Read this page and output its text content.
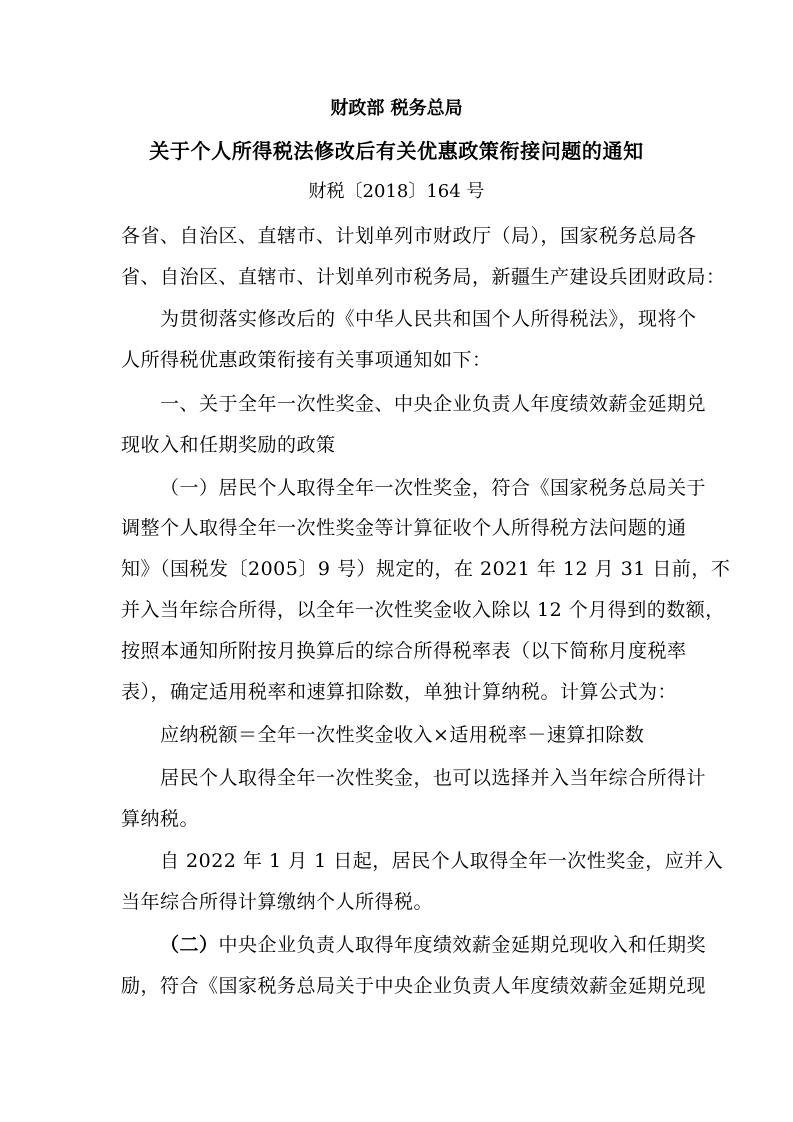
财政部 税务总局
关于个人所得税法修改后有关优惠政策衔接问题的通知
财税〔2018〕164 号
各省、自治区、直辖市、计划单列市财政厅（局），国家税务总局各
省、自治区、直辖市、计划单列市税务局，新疆生产建设兵团财政局：
为贯彻落实修改后的《中华人民共和国个人所得税法》，现将个
人所得税优惠政策衔接有关事项通知如下：
一、关于全年一次性奖金、中央企业负责人年度绩效薪金延期兑
现收入和任期奖励的政策
（一）居民个人取得全年一次性奖金，符合《国家税务总局关于
调整个人取得全年一次性奖金等计算征收个人所得税方法问题的通
知》（国税发〔2005〕9 号）规定的，在 2021 年 12 月 31 日前，不
并入当年综合所得，以全年一次性奖金收入除以 12 个月得到的数额，
按照本通知所附按月换算后的综合所得税率表（以下简称月度税率
表），确定适用税率和速算扣除数，单独计算纳税。计算公式为：
应纳税额＝全年一次性奖金收入×适用税率－速算扣除数
居民个人取得全年一次性奖金，也可以选择并入当年综合所得计
算纳税。
自 2022 年 1 月 1 日起，居民个人取得全年一次性奖金，应并入
当年综合所得计算缴纳个人所得税。
（二）中央企业负责人取得年度绩效薪金延期兑现收入和任期奖
励，符合《国家税务总局关于中央企业负责人年度绩效薪金延期兑现
